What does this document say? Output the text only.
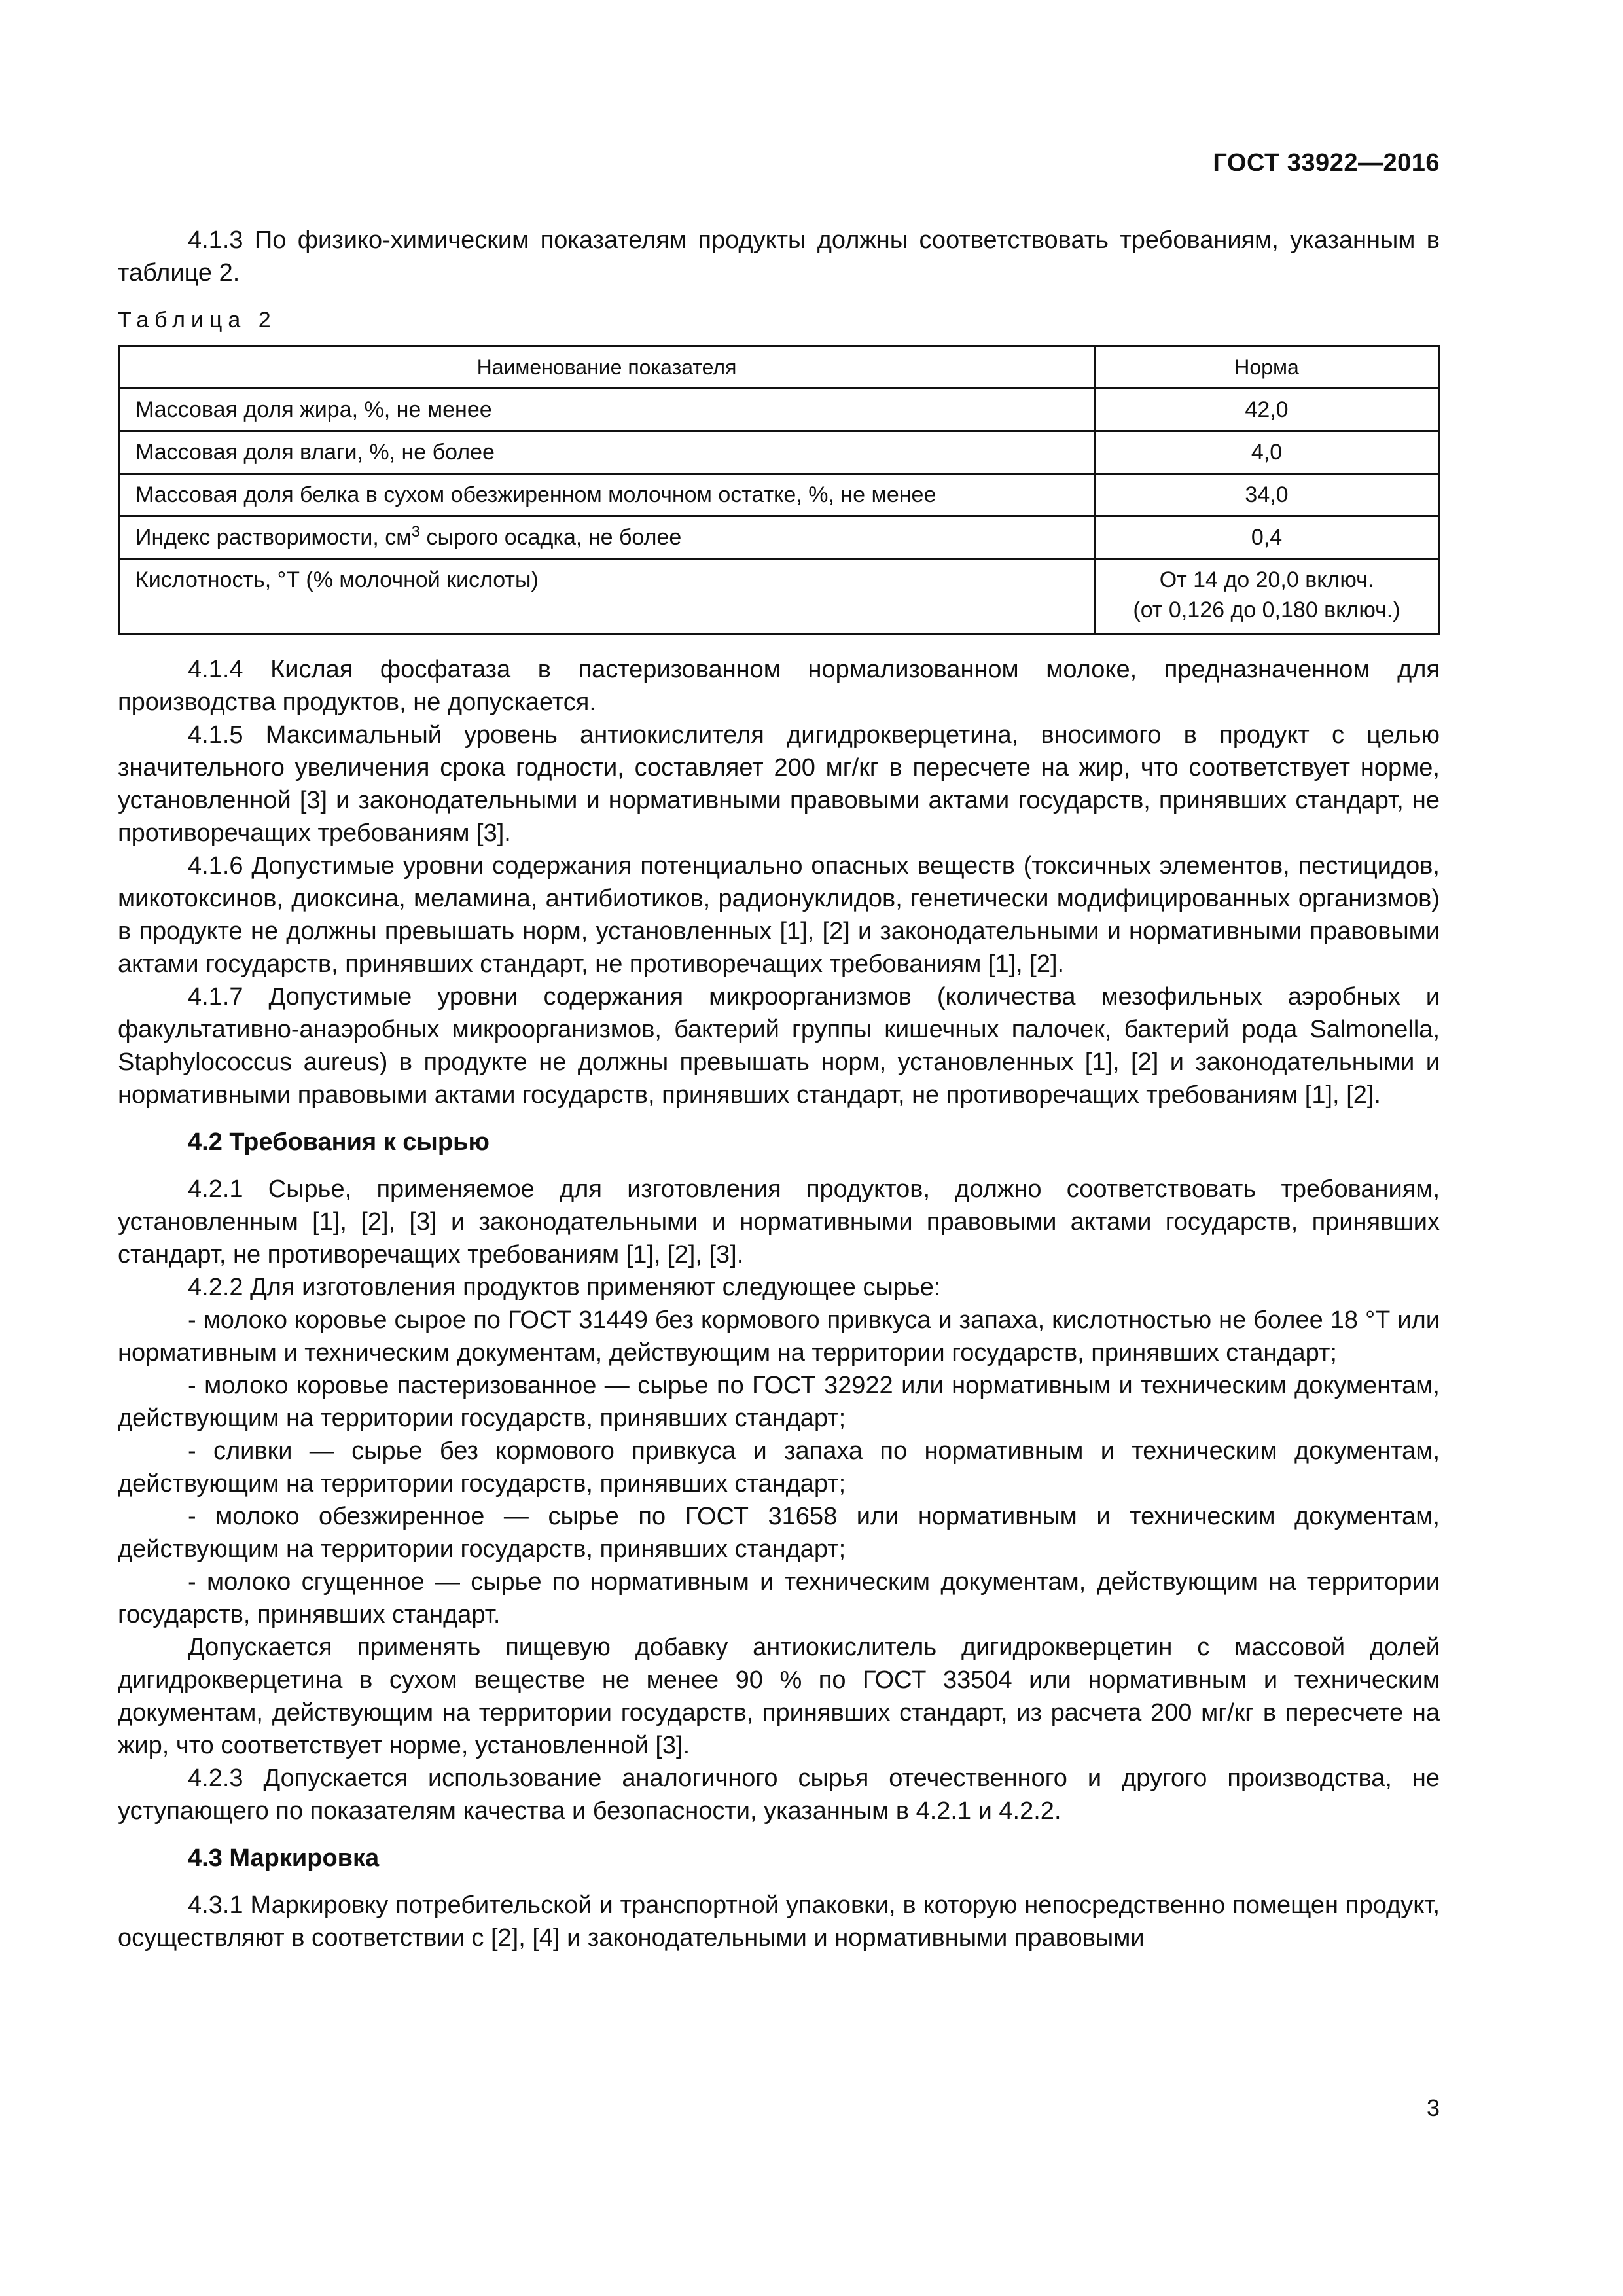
ГОСТ 33922—2016

4.1.3 По физико-химическим показателям продукты должны соответствовать требованиям, указанным в таблице 2.

Таблица 2
Наименование показателя	Норма
Массовая доля жира, %, не менее	42,0
Массовая доля влаги, %, не более	4,0
Массовая доля белка в сухом обезжиренном молочном остатке, %, не менее	34,0
Индекс растворимости, $см^3$ сырого осадка, не более	0,4
Кислотность, °Т (% молочной кислоты)	От 14 до 20,0 включ.
(от 0,126 до 0,180 включ.)

4.1.4 Кислая фосфатаза в пастеризованном нормализованном молоке, предназначенном для производства продуктов, не допускается.

4.1.5 Максимальный уровень антиокислителя дигидрокверцетина, вносимого в продукт с целью значительного увеличения срока годности, составляет 200 мг/кг в пересчете на жир, что соответствует норме, установленной [3] и законодательными и нормативными правовыми актами государств, принявших стандарт, не противоречащих требованиям [3].

4.1.6 Допустимые уровни содержания потенциально опасных веществ (токсичных элементов, пестицидов, микотоксинов, диоксина, меламина, антибиотиков, радионуклидов, генетически модифицированных организмов) в продукте не должны превышать норм, установленных [1], [2] и законодательными и нормативными правовыми актами государств, принявших стандарт, не противоречащих требованиям [1], [2].

4.1.7 Допустимые уровни содержания микроорганизмов (количества мезофильных аэробных и факультативно-анаэробных микроорганизмов, бактерий группы кишечных палочек, бактерий рода Salmonella, Staphylococcus aureus) в продукте не должны превышать норм, установленных [1], [2] и законодательными и нормативными правовыми актами государств, принявших стандарт, не противоречащих требованиям [1], [2].

4.2 Требования к сырью

4.2.1 Сырье, применяемое для изготовления продуктов, должно соответствовать требованиям, установленным [1], [2], [3] и законодательными и нормативными правовыми актами государств, принявших стандарт, не противоречащих требованиям [1], [2], [3].

4.2.2 Для изготовления продуктов применяют следующее сырье:

- молоко коровье сырое по ГОСТ 31449 без кормового привкуса и запаха, кислотностью не более 18 °Т или нормативным и техническим документам, действующим на территории государств, принявших стандарт;

- молоко коровье пастеризованное — сырье по ГОСТ 32922 или нормативным и техническим документам, действующим на территории государств, принявших стандарт;

- сливки — сырье без кормового привкуса и запаха по нормативным и техническим документам, действующим на территории государств, принявших стандарт;

- молоко обезжиренное — сырье по ГОСТ 31658 или нормативным и техническим документам, действующим на территории государств, принявших стандарт;

- молоко сгущенное — сырье по нормативным и техническим документам, действующим на территории государств, принявших стандарт.

Допускается применять пищевую добавку антиокислитель дигидрокверцетин с массовой долей дигидрокверцетина в сухом веществе не менее 90 % по ГОСТ 33504 или нормативным и техническим документам, действующим на территории государств, принявших стандарт, из расчета 200 мг/кг в пересчете на жир, что соответствует норме, установленной [3].

4.2.3 Допускается использование аналогичного сырья отечественного и другого производства, не уступающего по показателям качества и безопасности, указанным в 4.2.1 и 4.2.2.

4.3 Маркировка

4.3.1 Маркировку потребительской и транспортной упаковки, в которую непосредственно помещен продукт, осуществляют в соответствии с [2], [4] и законодательными и нормативными правовыми

3
